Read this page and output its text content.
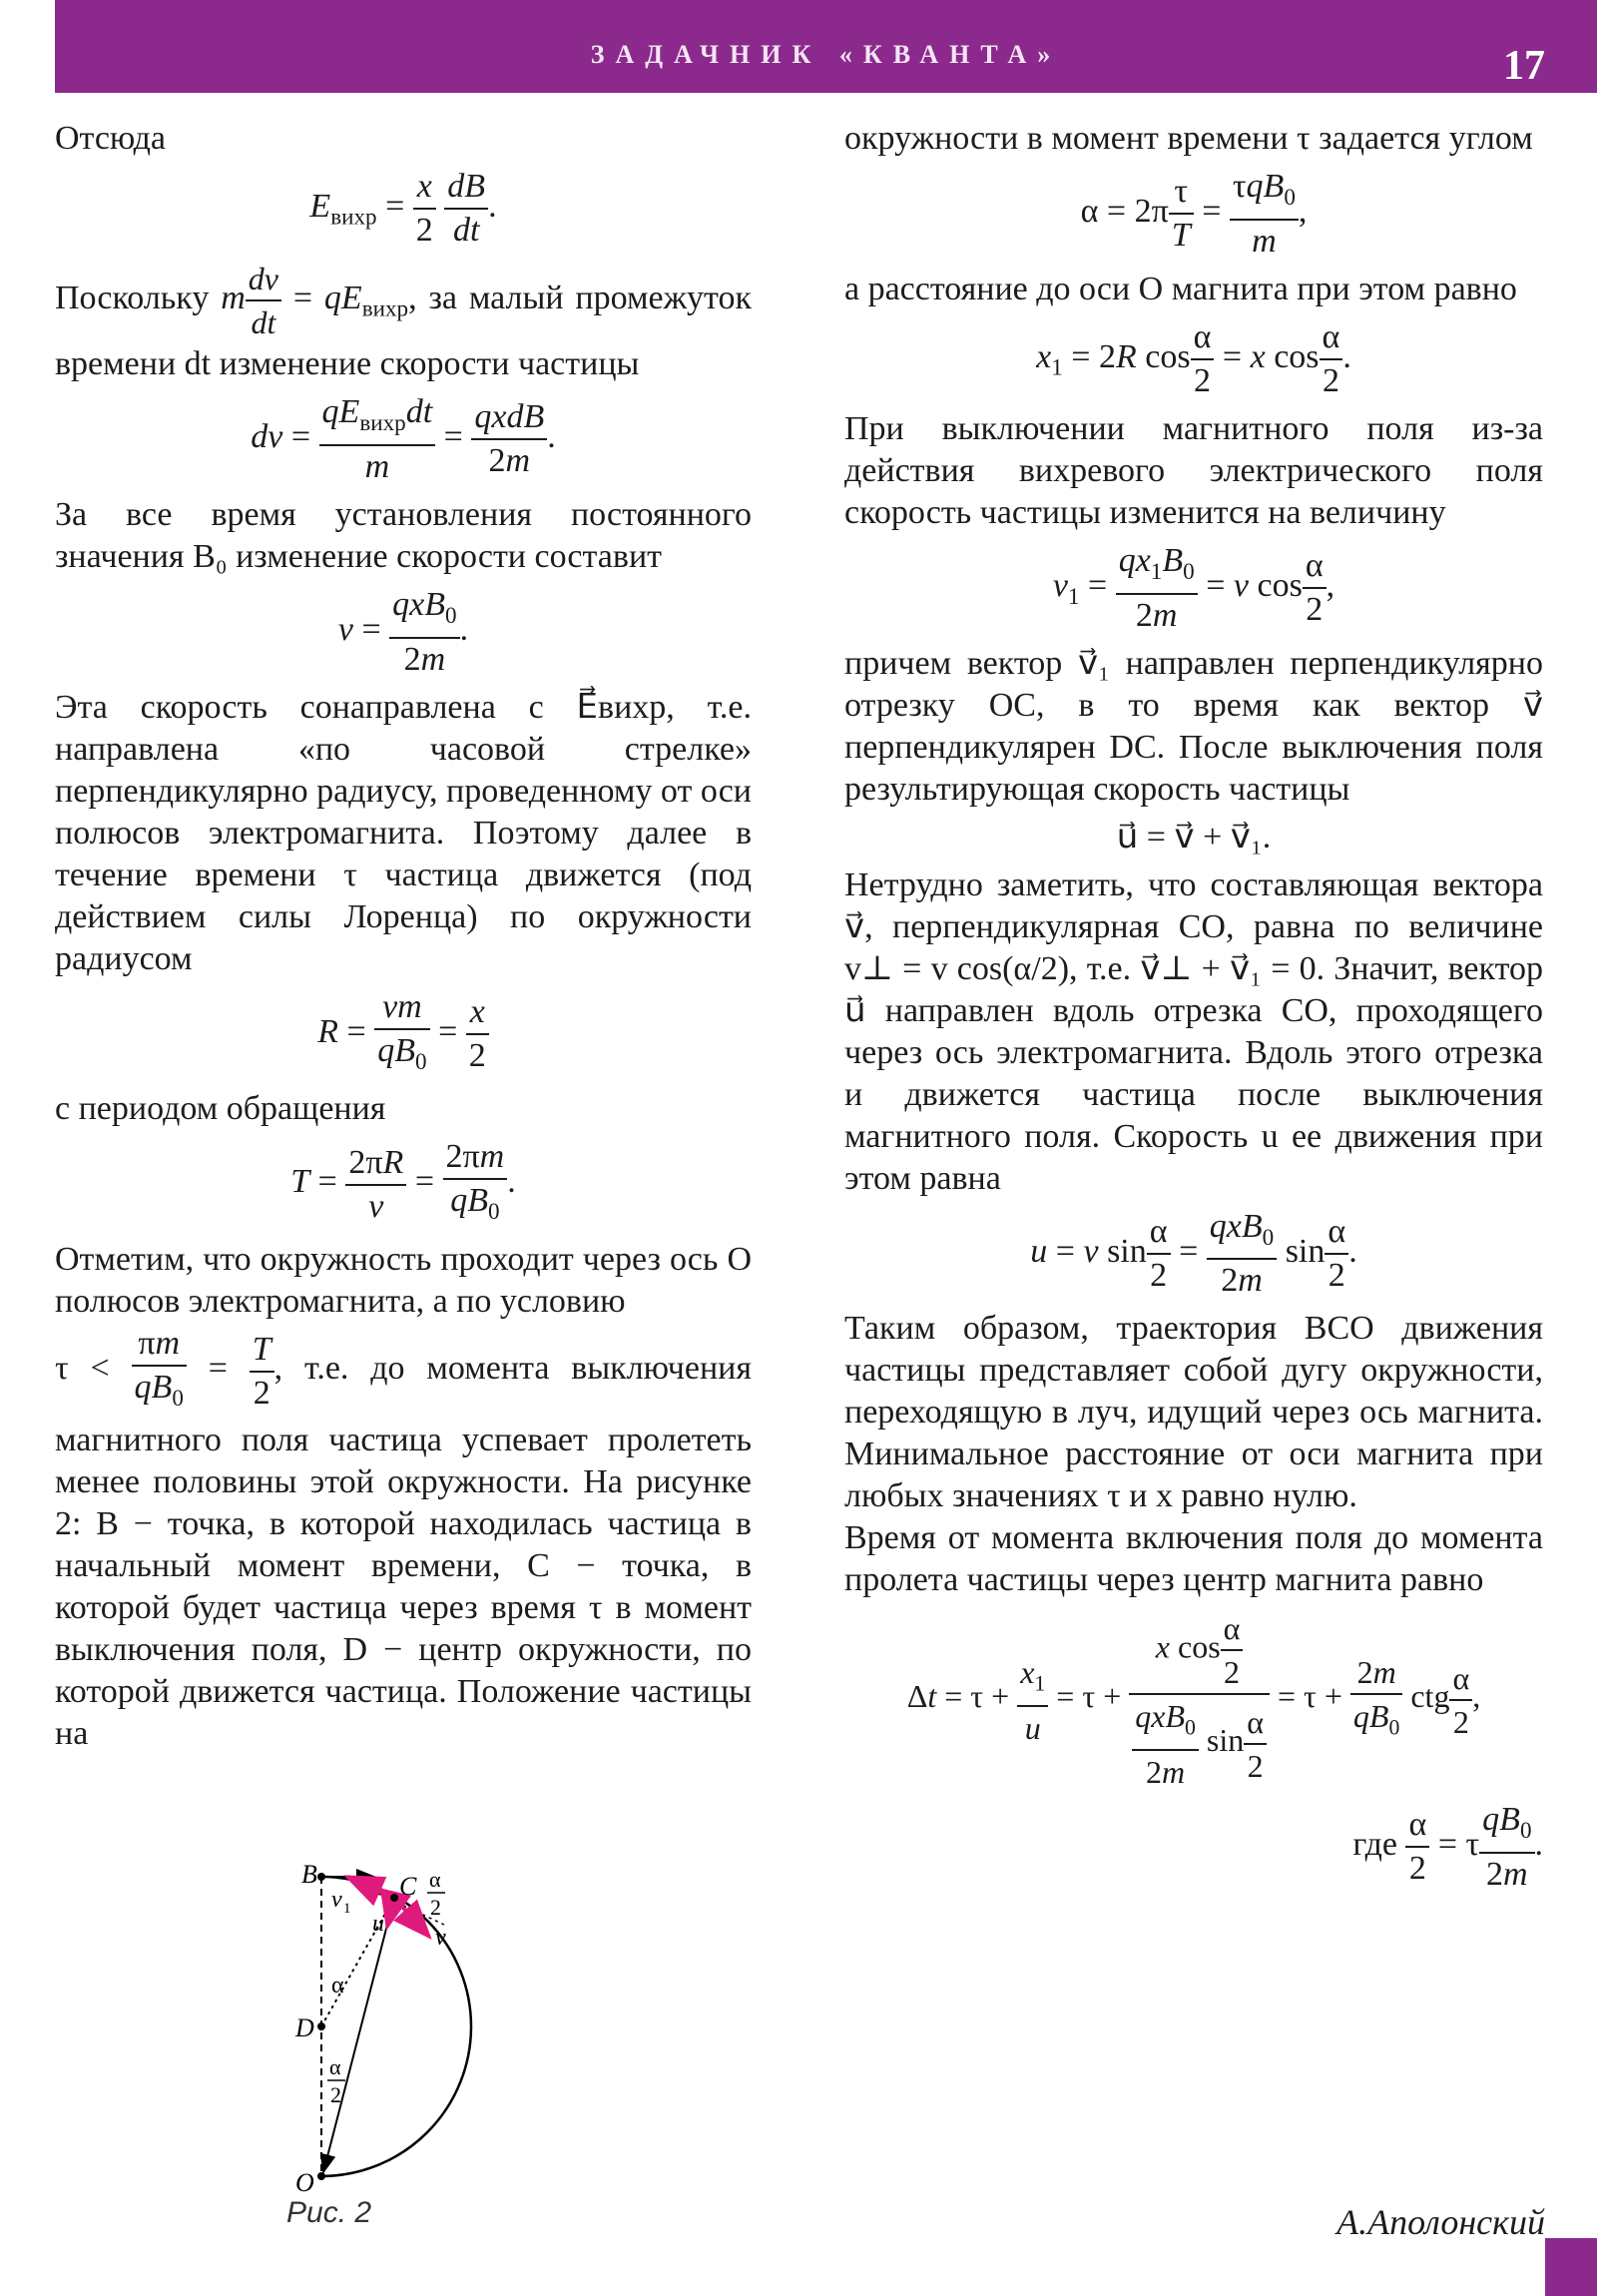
ЗАДАЧНИК «КВАНТА»	17

Отсюда

$E_{вихр} = \frac{x}{2}$
$\frac{dB}{dt}$ .

Поскольку m $\frac{dv}{dt} = qE_{вихр}$, за малый промежуток времени dt изменение скорости частицы

dv = $\frac{qE_{вихр}dt}{m} = \frac{\text{qxdB}}{2m}$ .

За все время установления постоянного значения B₀ изменение скорости составит

$v = \frac{qxB_0}{2m}$ .

Эта скорость сонаправлена с E⃗вихр, т.е. направлена «по часовой стрелке» перпендикулярно радиусу, проведенному от оси полюсов электромагнита. Поэтому далее в течение времени τ частица движется (под действием силы Лоренца) по окружности радиусом

$R = \frac{vm}{qB_0} = \frac{x}{2}$

с периодом обращения

$T = \frac{2\pi R}{v} = \frac{2\pi m}{qB_0}$ .

Отметим, что окружность проходит через ось O полюсов электромагнита, а по условию

$\tau < \frac{\pi m}{qB_0} = \frac{T}{2}$ , т.е. до момента выключения магнитного поля частица успевает пролететь менее половины этой окружности. На рисунке 2: B − точка, в которой находилась частица в начальный момент времени, C − точка, в которой будет частица через время τ в момент выключения поля, D − центр окружности, по которой движется частица. Положение частицы на

окружности в момент времени τ задается углом

$\alpha = 2\pi \frac{\tau}{T} = \frac{\tau qB_0}{m}$ ,

а расстояние до оси O магнита при этом равно

$x_1 = 2R$ $\cos \frac{\alpha}{2} = x$ $\cos \frac{\alpha}{2}$ .

При выключении магнитного поля из-за действия вихревого электрического поля скорость частицы изменится на величину

$v_1 = \frac{qx_1B_0}{2m} = v$ $\cos \frac{\alpha}{2}$ ,

причем вектор v⃗₁ направлен перпендикулярно отрезку OC, в то время как вектор v⃗ перпендикулярен DC. После выключения поля результирующая скорость частицы

u⃗ = v⃗ + v⃗₁.

Нетрудно заметить, что составляющая вектора v⃗, перпендикулярная CO, равна по величине v⊥ = v cos(α/2), т.е. v⃗⊥ + v⃗₁ = 0. Значит, вектор u⃗ направлен вдоль отрезка CO, проходящего через ось электромагнита. Вдоль этого отрезка и движется частица после выключения магнитного поля. Скорость u ее движения при этом равна

u = v $\sin \frac{\alpha}{2} = \frac{qxB_0}{2m}$ $\sin \frac{\alpha}{2}$ .

Таким образом, траектория BCO движения частицы представляет собой дугу окружности, переходящую в луч, идущий через ось магнита. Минимальное расстояние от оси магнита при любых значениях τ и x равно нулю.

Время от момента включения поля до момента пролета частицы через центр магнита равно

$\Delta t = \tau + \frac{x_1}{u} = \tau + \frac{x \cos \frac{\alpha}{2}}{\frac{qxB_0}{2m} \sin \frac{\alpha}{2}} = \tau + \frac{2m}{qB_0}$ ctg $\frac{\alpha}{2}$ ,
где $\frac{\alpha}{2} = \tau \frac{qB_0}{2m}$ .
B	C
D
O
α
v 1
u
v
α
2
α
2
Рис. 2	А.Аполонский
